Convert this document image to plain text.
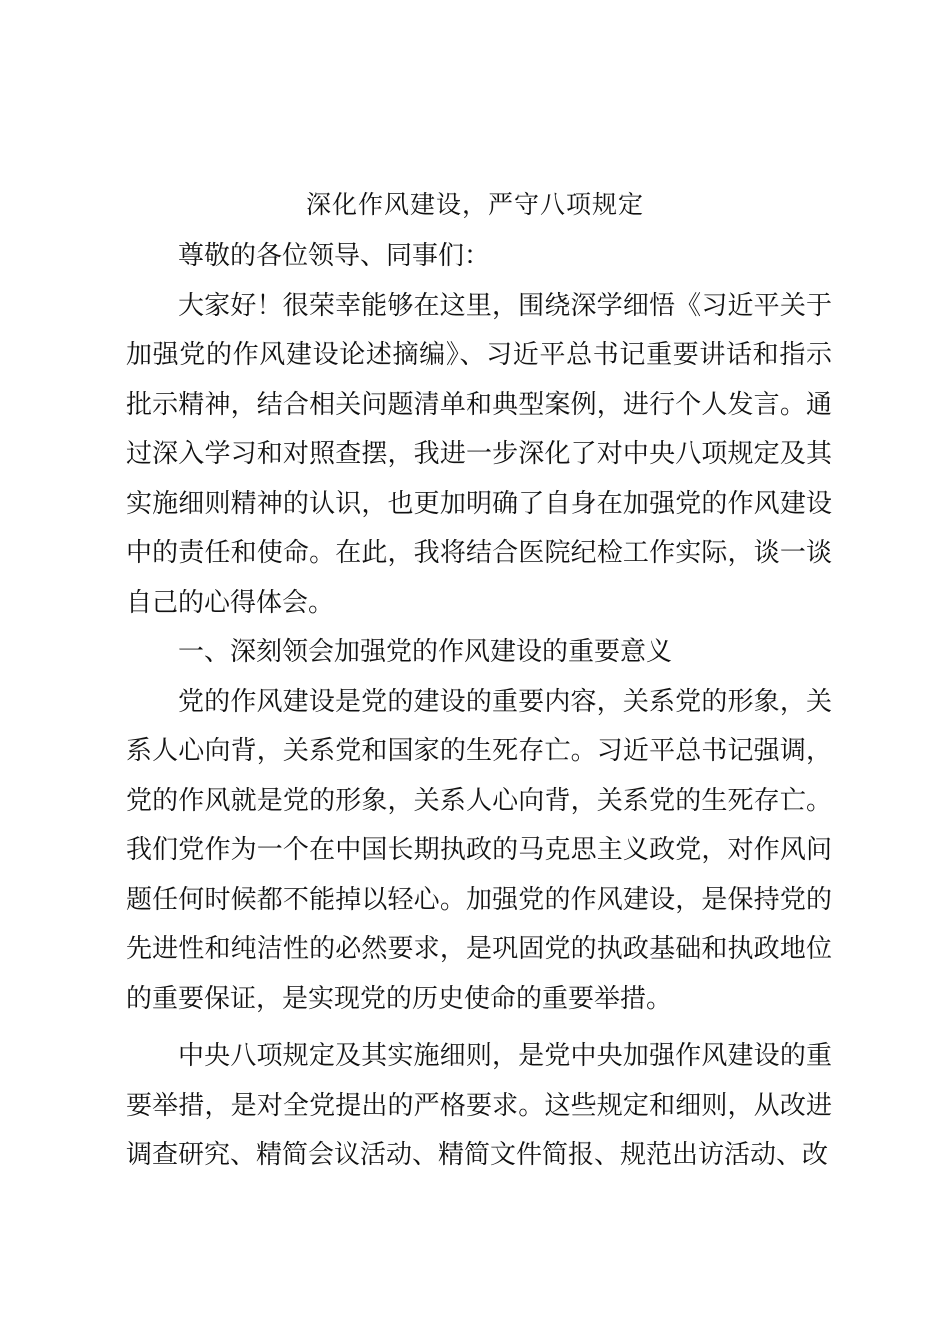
深化作风建设，严守八项规定

尊敬的各位领导、同事们：

大家好！很荣幸能够在这里，围绕深学细悟《习近平关于加强党的作风建设论述摘编》、习近平总书记重要讲话和指示批示精神，结合相关问题清单和典型案例，进行个人发言。通过深入学习和对照查摆，我进一步深化了对中央八项规定及其实施细则精神的认识，也更加明确了自身在加强党的作风建设中的责任和使命。在此，我将结合医院纪检工作实际，谈一谈自己的心得体会。

一、深刻领会加强党的作风建设的重要意义

党的作风建设是党的建设的重要内容，关系党的形象，关系人心向背，关系党和国家的生死存亡。习近平总书记强调，党的作风就是党的形象，关系人心向背，关系党的生死存亡。我们党作为一个在中国长期执政的马克思主义政党，对作风问题任何时候都不能掉以轻心。加强党的作风建设，是保持党的先进性和纯洁性的必然要求，是巩固党的执政基础和执政地位的重要保证，是实现党的历史使命的重要举措。

中央八项规定及其实施细则，是党中央加强作风建设的重要举措，是对全党提出的严格要求。这些规定和细则，从改进调查研究、精简会议活动、精简文件简报、规范出访活动、改
